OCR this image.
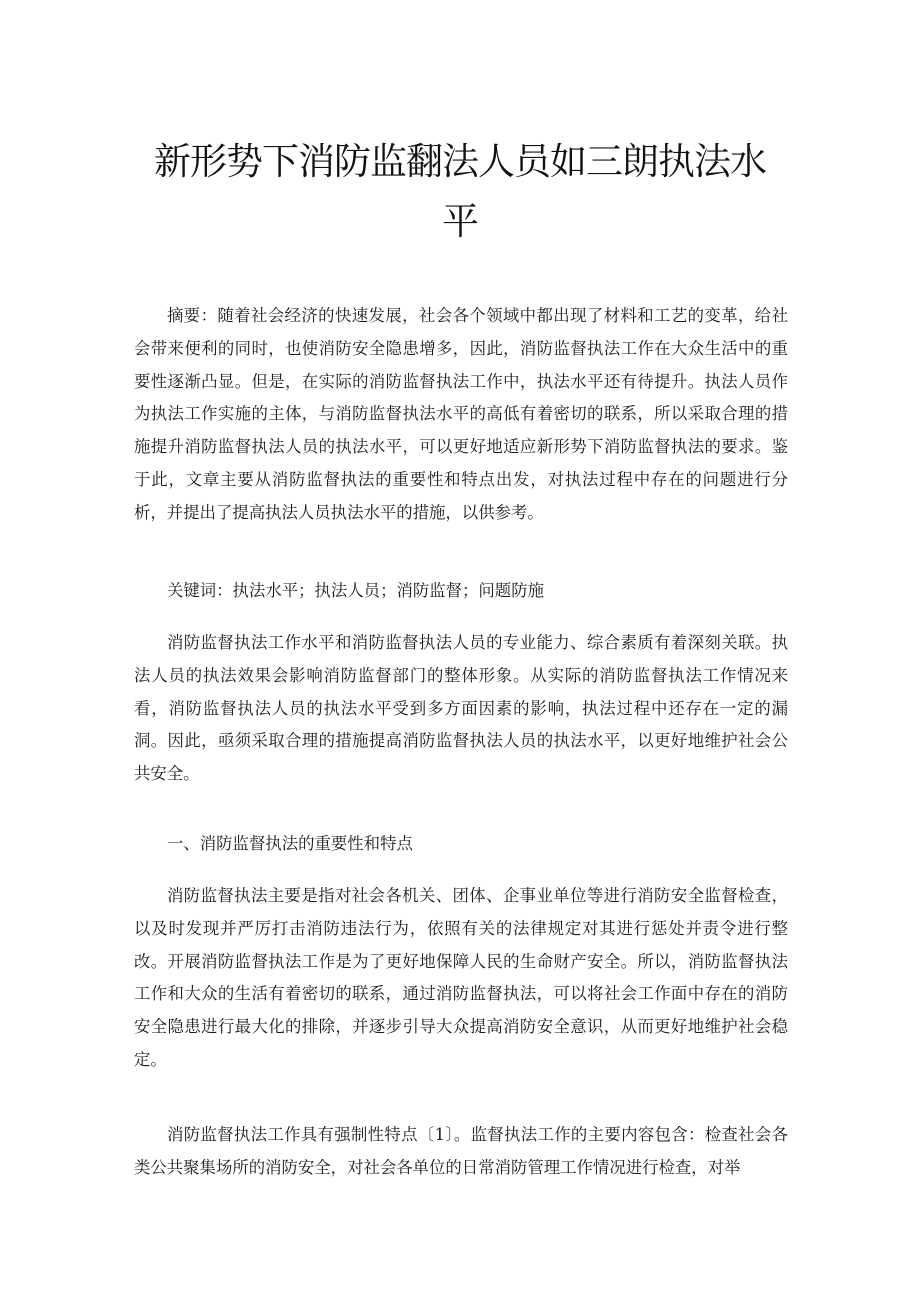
新形势下消防监翻法人员如三朗执法水
平

摘要：随着社会经济的快速发展，社会各个领域中都出现了材料和工艺的变革，给社会带来便利的同时，也使消防安全隐患增多，因此，消防监督执法工作在大众生活中的重要性逐渐凸显。但是，在实际的消防监督执法工作中，执法水平还有待提升。执法人员作为执法工作实施的主体，与消防监督执法水平的高低有着密切的联系，所以采取合理的措施提升消防监督执法人员的执法水平，可以更好地适应新形势下消防监督执法的要求。鉴于此，文章主要从消防监督执法的重要性和特点出发，对执法过程中存在的问题进行分析，并提出了提高执法人员执法水平的措施，以供参考。

关键词：执法水平；执法人员；消防监督；问题防施

消防监督执法工作水平和消防监督执法人员的专业能力、综合素质有着深刻关联。执法人员的执法效果会影响消防监督部门的整体形象。从实际的消防监督执法工作情况来看，消防监督执法人员的执法水平受到多方面因素的影响，执法过程中还存在一定的漏洞。因此，亟须采取合理的措施提高消防监督执法人员的执法水平，以更好地维护社会公共安全。

一、消防监督执法的重要性和特点

消防监督执法主要是指对社会各机关、团体、企事业单位等进行消防安全监督检查，以及时发现并严厉打击消防违法行为，依照有关的法律规定对其进行惩处并责令进行整改。开展消防监督执法工作是为了更好地保障人民的生命财产安全。所以，消防监督执法工作和大众的生活有着密切的联系，通过消防监督执法，可以将社会工作面中存在的消防安全隐患进行最大化的排除，并逐步引导大众提高消防安全意识，从而更好地维护社会稳定。

消防监督执法工作具有强制性特点〔1〕。监督执法工作的主要内容包含：检查社会各类公共聚集场所的消防安全，对社会各单位的日常消防管理工作情况进行检查，对举
